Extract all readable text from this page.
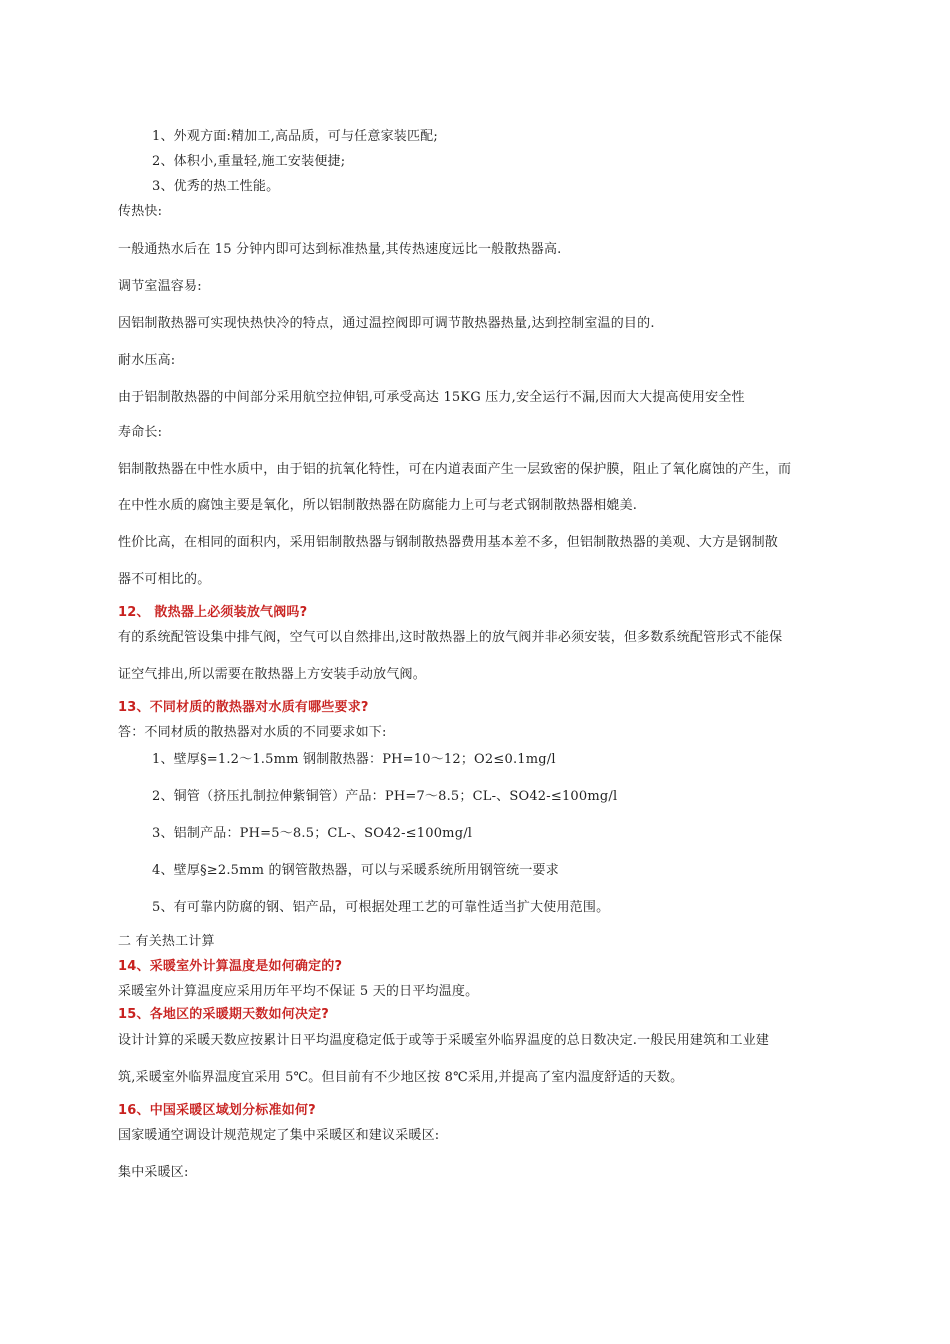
1、外观方面:精加工,高品质，可与任意家装匹配;
2、体积小,重量轻,施工安装便捷;
3、优秀的热工性能。
传热快:
一般通热水后在 15 分钟内即可达到标准热量,其传热速度远比一般散热器高.
调节室温容易:
因铝制散热器可实现快热快冷的特点，通过温控阀即可调节散热器热量,达到控制室温的目的.
耐水压高:
由于铝制散热器的中间部分采用航空拉伸铝,可承受高达 15KG 压力,安全运行不漏,因而大大提高使用安全性
寿命长:
铝制散热器在中性水质中，由于铝的抗氧化特性，可在内道表面产生一层致密的保护膜，阻止了氧化腐蚀的产生，而
在中性水质的腐蚀主要是氧化，所以铝制散热器在防腐能力上可与老式钢制散热器相媲美.
性价比高，在相同的面积内，采用铝制散热器与钢制散热器费用基本差不多，但铝制散热器的美观、大方是钢制散
器不可相比的。
12、 散热器上必须装放气阀吗?
有的系统配管设集中排气阀，空气可以自然排出,这时散热器上的放气阀并非必须安装，但多数系统配管形式不能保
证空气排出,所以需要在散热器上方安装手动放气阀。
13、不同材质的散热器对水质有哪些要求?
答：不同材质的散热器对水质的不同要求如下:
1、壁厚§=1.2～1.5mm 钢制散热器：PH=10～12；O2≤0.1mg/l
2、铜管（挤压扎制拉伸紫铜管）产品：PH=7～8.5；CL-、SO42-≤100mg/l
3、铝制产品：PH=5～8.5；CL-、SO42-≤100mg/l
4、壁厚§≥2.5mm 的钢管散热器，可以与采暖系统所用钢管统一要求
5、有可靠内防腐的钢、铝产品，可根据处理工艺的可靠性适当扩大使用范围。
二 有关热工计算
14、采暖室外计算温度是如何确定的?
采暖室外计算温度应采用历年平均不保证 5 天的日平均温度。
15、各地区的采暖期天数如何决定?
设计计算的采暖天数应按累计日平均温度稳定低于或等于采暖室外临界温度的总日数决定.一般民用建筑和工业建
筑,采暖室外临界温度宜采用 5℃。但目前有不少地区按 8℃采用,并提高了室内温度舒适的天数。
16、中国采暖区域划分标准如何?
国家暖通空调设计规范规定了集中采暖区和建议采暖区:
集中采暖区:
